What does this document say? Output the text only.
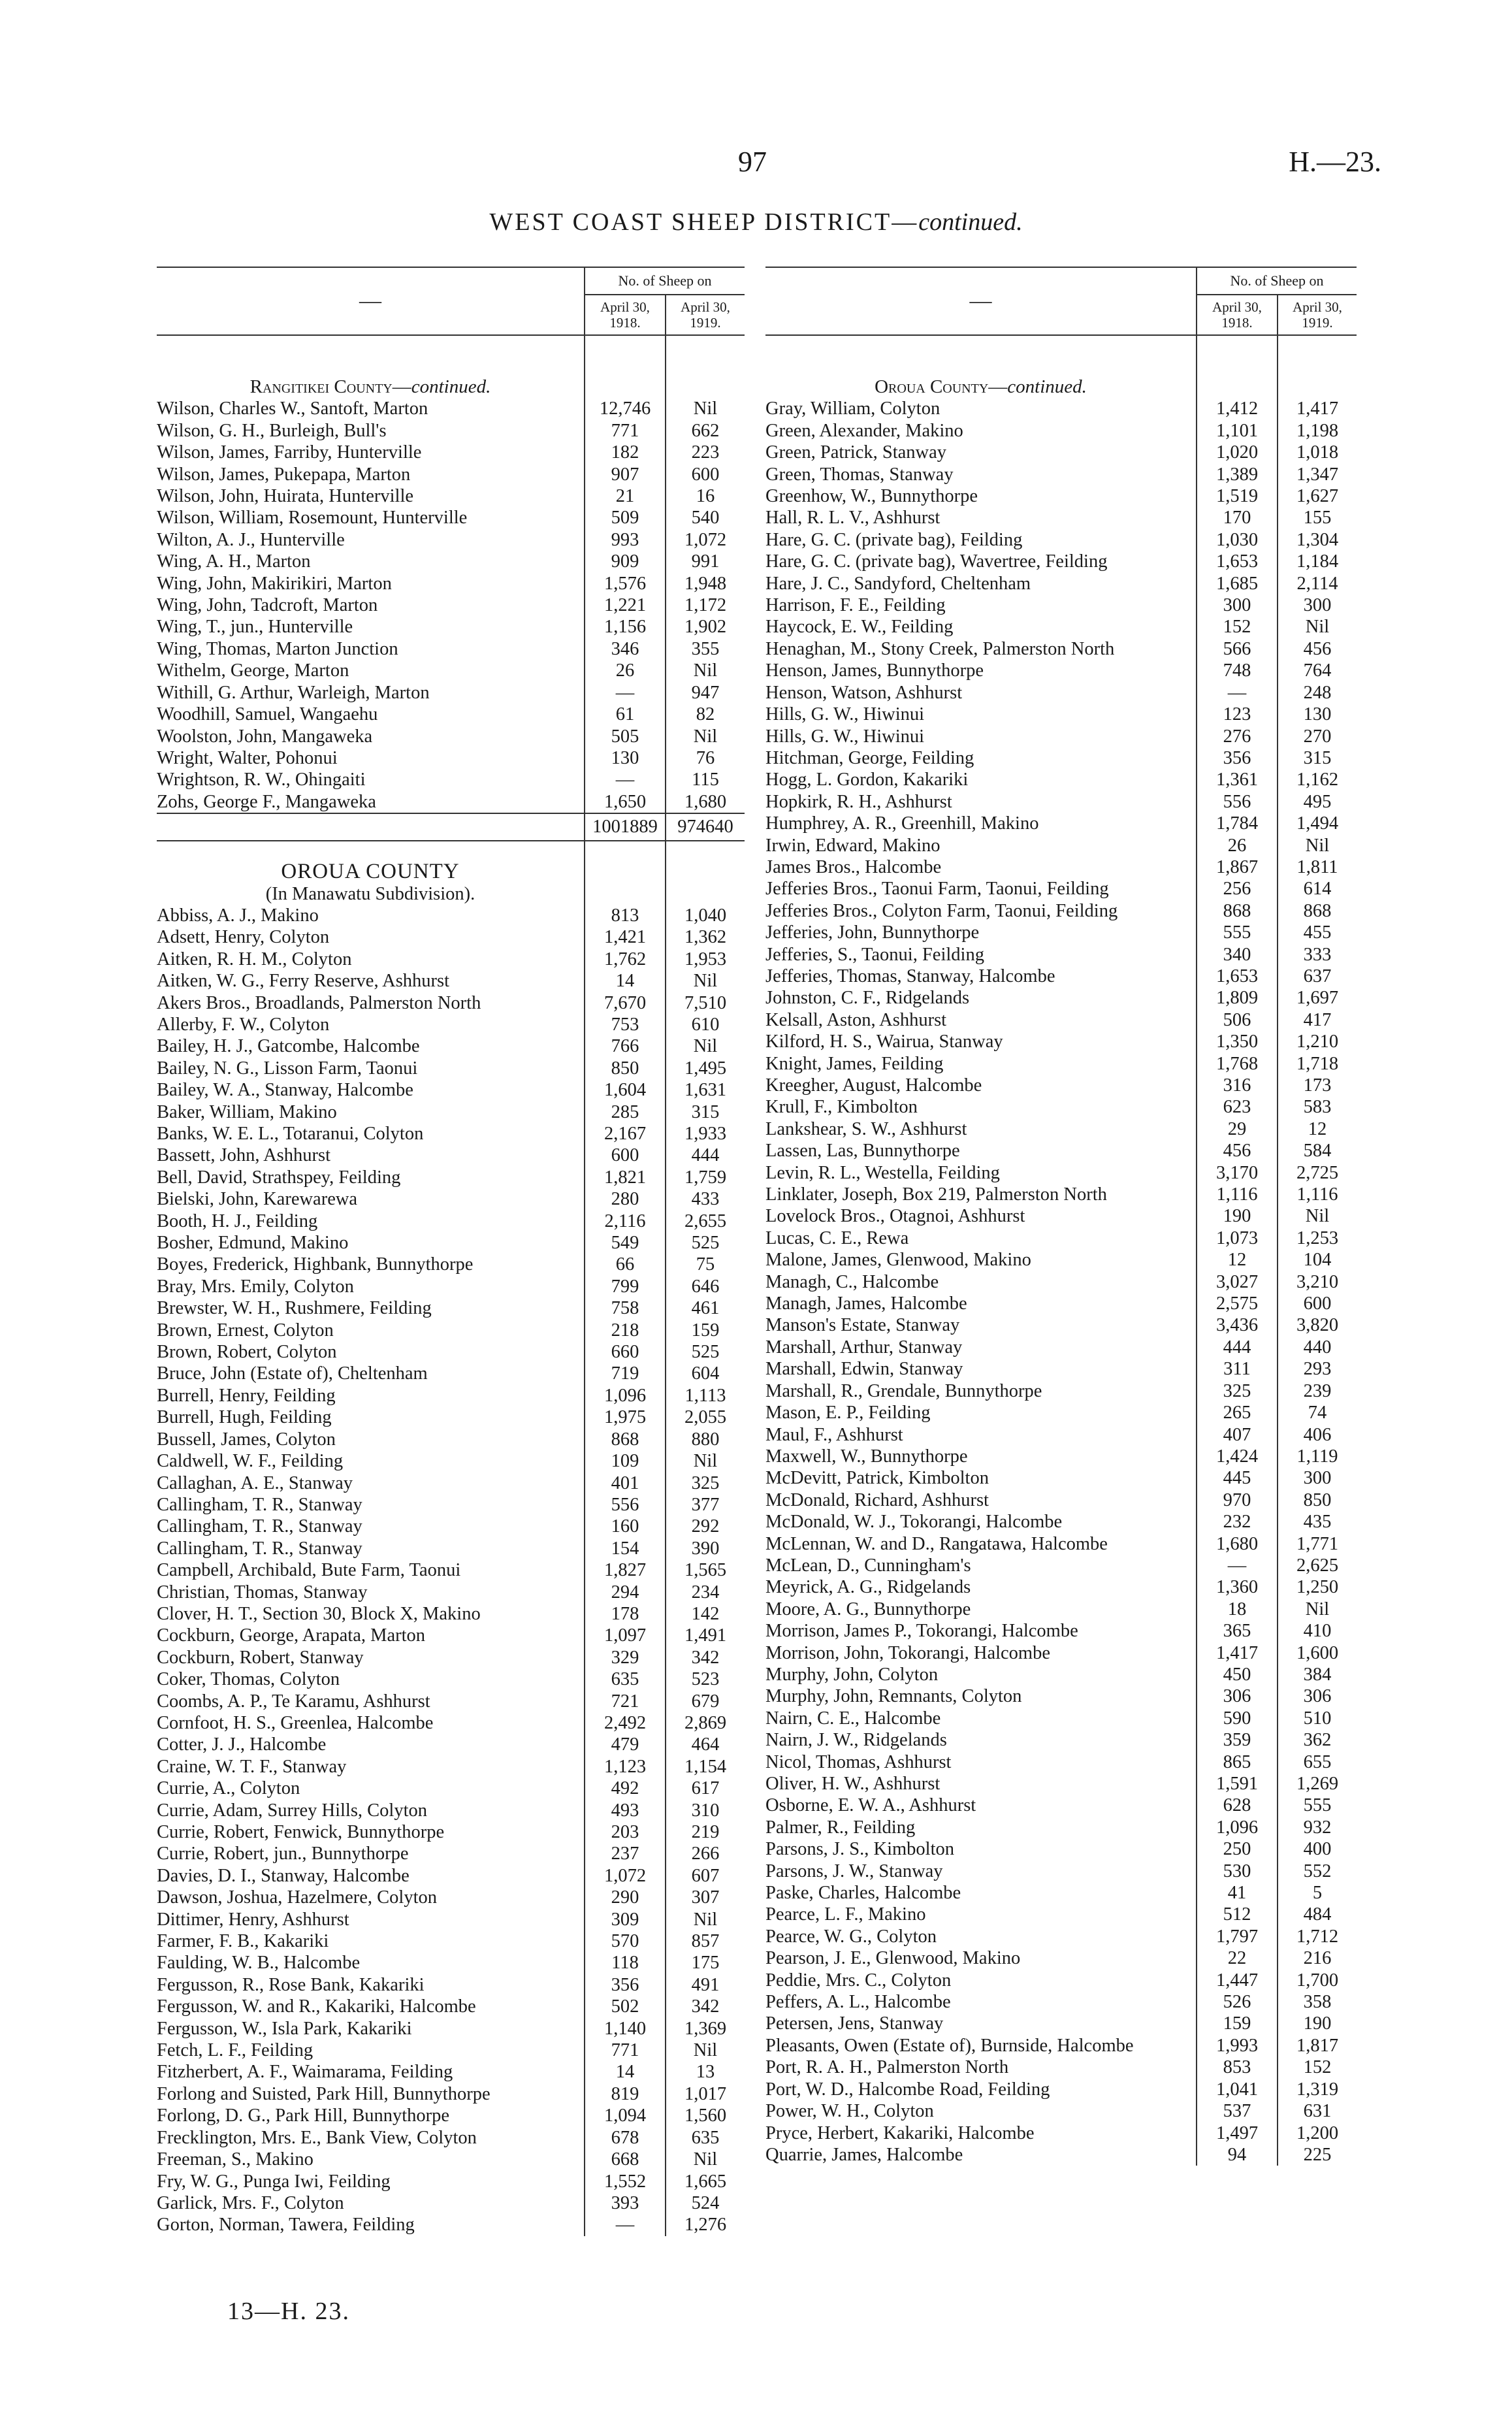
97	H.—23.
WEST COAST SHEEP DISTRICT—continued.
—	No. of Sheep on	
	April 30, 1918.	April 30, 1919.

Rangitikei County—continued.		
Wilson, Charles W., Santoft, Marton	12,746	Nil
Wilson, G. H., Burleigh, Bull's	771	662
Wilson, James, Farriby, Hunterville	182	223
Wilson, James, Pukepapa, Marton	907	600
Wilson, John, Huirata, Hunterville	21	16
Wilson, William, Rosemount, Hunterville	509	540
Wilton, A. J., Hunterville	993	1,072
Wing, A. H., Marton	909	991
Wing, John, Makirikiri, Marton	1,576	1,948
Wing, John, Tadcroft, Marton	1,221	1,172
Wing, T., jun., Hunterville	1,156	1,902
Wing, Thomas, Marton Junction	346	355
Withelm, George, Marton	26	Nil
Withill, G. Arthur, Warleigh, Marton	—	947
Woodhill, Samuel, Wangaehu	61	82
Woolston, John, Mangaweka	505	Nil
Wright, Walter, Pohonui	130	76
Wrightson, R. W., Ohingaiti	—	115
Zohs, George F., Mangaweka	1,650	1,680
	1001889	974640
OROUA COUNTY		
(In Manawatu Subdivision).		
Abbiss, A. J., Makino	813	1,040
Adsett, Henry, Colyton	1,421	1,362
Aitken, R. H. M., Colyton	1,762	1,953
Aitken, W. G., Ferry Reserve, Ashhurst	14	Nil
Akers Bros., Broadlands, Palmerston North	7,670	7,510
Allerby, F. W., Colyton	753	610
Bailey, H. J., Gatcombe, Halcombe	766	Nil
Bailey, N. G., Lisson Farm, Taonui	850	1,495
Bailey, W. A., Stanway, Halcombe	1,604	1,631
Baker, William, Makino	285	315
Banks, W. E. L., Totaranui, Colyton	2,167	1,933
Bassett, John, Ashhurst	600	444
Bell, David, Strathspey, Feilding	1,821	1,759
Bielski, John, Karewarewa	280	433
Booth, H. J., Feilding	2,116	2,655
Bosher, Edmund, Makino	549	525
Boyes, Frederick, Highbank, Bunnythorpe	66	75
Bray, Mrs. Emily, Colyton	799	646
Brewster, W. H., Rushmere, Feilding	758	461
Brown, Ernest, Colyton	218	159
Brown, Robert, Colyton	660	525
Bruce, John (Estate of), Cheltenham	719	604
Burrell, Henry, Feilding	1,096	1,113
Burrell, Hugh, Feilding	1,975	2,055
Bussell, James, Colyton	868	880
Caldwell, W. F., Feilding	109	Nil
Callaghan, A. E., Stanway	401	325
Callingham, T. R., Stanway	556	377
Callingham, T. R., Stanway	160	292
Callingham, T. R., Stanway	154	390
Campbell, Archibald, Bute Farm, Taonui	1,827	1,565
Christian, Thomas, Stanway	294	234
Clover, H. T., Section 30, Block X, Makino	178	142
Cockburn, George, Arapata, Marton	1,097	1,491
Cockburn, Robert, Stanway	329	342
Coker, Thomas, Colyton	635	523
Coombs, A. P., Te Karamu, Ashhurst	721	679
Cornfoot, H. S., Greenlea, Halcombe	2,492	2,869
Cotter, J. J., Halcombe	479	464
Craine, W. T. F., Stanway	1,123	1,154
Currie, A., Colyton	492	617
Currie, Adam, Surrey Hills, Colyton	493	310
Currie, Robert, Fenwick, Bunnythorpe	203	219
Currie, Robert, jun., Bunnythorpe	237	266
Davies, D. I., Stanway, Halcombe	1,072	607
Dawson, Joshua, Hazelmere, Colyton	290	307
Dittimer, Henry, Ashhurst	309	Nil
Farmer, F. B., Kakariki	570	857
Faulding, W. B., Halcombe	118	175
Fergusson, R., Rose Bank, Kakariki	356	491
Fergusson, W. and R., Kakariki, Halcombe	502	342
Fergusson, W., Isla Park, Kakariki	1,140	1,369
Fetch, L. F., Feilding	771	Nil
Fitzherbert, A. F., Waimarama, Feilding	14	13
Forlong and Suisted, Park Hill, Bunnythorpe	819	1,017
Forlong, D. G., Park Hill, Bunnythorpe	1,094	1,560
Frecklington, Mrs. E., Bank View, Colyton	678	635
Freeman, S., Makino	668	Nil
Fry, W. G., Punga Iwi, Feilding	1,552	1,665
Garlick, Mrs. F., Colyton	393	524
Gorton, Norman, Tawera, Feilding	—	1,276
—	No. of Sheep on	
	April 30, 1918.	April 30, 1919.

Oroua County—continued.		
Gray, William, Colyton	1,412	1,417
Green, Alexander, Makino	1,101	1,198
Green, Patrick, Stanway	1,020	1,018
Green, Thomas, Stanway	1,389	1,347
Greenhow, W., Bunnythorpe	1,519	1,627
Hall, R. L. V., Ashhurst	170	155
Hare, G. C. (private bag), Feilding	1,030	1,304
Hare, G. C. (private bag), Wavertree, Feilding	1,653	1,184
Hare, J. C., Sandyford, Cheltenham	1,685	2,114
Harrison, F. E., Feilding	300	300
Haycock, E. W., Feilding	152	Nil
Henaghan, M., Stony Creek, Palmerston North	566	456
Henson, James, Bunnythorpe	748	764
Henson, Watson, Ashhurst	—	248
Hills, G. W., Hiwinui	123	130
Hills, G. W., Hiwinui	276	270
Hitchman, George, Feilding	356	315
Hogg, L. Gordon, Kakariki	1,361	1,162
Hopkirk, R. H., Ashhurst	556	495
Humphrey, A. R., Greenhill, Makino	1,784	1,494
Irwin, Edward, Makino	26	Nil
James Bros., Halcombe	1,867	1,811
Jefferies Bros., Taonui Farm, Taonui, Feilding	256	614
Jefferies Bros., Colyton Farm, Taonui, Feilding	868	868
Jefferies, John, Bunnythorpe	555	455
Jefferies, S., Taonui, Feilding	340	333
Jefferies, Thomas, Stanway, Halcombe	1,653	637
Johnston, C. F., Ridgelands	1,809	1,697
Kelsall, Aston, Ashhurst	506	417
Kilford, H. S., Wairua, Stanway	1,350	1,210
Knight, James, Feilding	1,768	1,718
Kreegher, August, Halcombe	316	173
Krull, F., Kimbolton	623	583
Lankshear, S. W., Ashhurst	29	12
Lassen, Las, Bunnythorpe	456	584
Levin, R. L., Westella, Feilding	3,170	2,725
Linklater, Joseph, Box 219, Palmerston North	1,116	1,116
Lovelock Bros., Otagnoi, Ashhurst	190	Nil
Lucas, C. E., Rewa	1,073	1,253
Malone, James, Glenwood, Makino	12	104
Managh, C., Halcombe	3,027	3,210
Managh, James, Halcombe	2,575	600
Manson's Estate, Stanway	3,436	3,820
Marshall, Arthur, Stanway	444	440
Marshall, Edwin, Stanway	311	293
Marshall, R., Grendale, Bunnythorpe	325	239
Mason, E. P., Feilding	265	74
Maul, F., Ashhurst	407	406
Maxwell, W., Bunnythorpe	1,424	1,119
McDevitt, Patrick, Kimbolton	445	300
McDonald, Richard, Ashhurst	970	850
McDonald, W. J., Tokorangi, Halcombe	232	435
McLennan, W. and D., Rangatawa, Halcombe	1,680	1,771
McLean, D., Cunningham's	—	2,625
Meyrick, A. G., Ridgelands	1,360	1,250
Moore, A. G., Bunnythorpe	18	Nil
Morrison, James P., Tokorangi, Halcombe	365	410
Morrison, John, Tokorangi, Halcombe	1,417	1,600
Murphy, John, Colyton	450	384
Murphy, John, Remnants, Colyton	306	306
Nairn, C. E., Halcombe	590	510
Nairn, J. W., Ridgelands	359	362
Nicol, Thomas, Ashhurst	865	655
Oliver, H. W., Ashhurst	1,591	1,269
Osborne, E. W. A., Ashhurst	628	555
Palmer, R., Feilding	1,096	932
Parsons, J. S., Kimbolton	250	400
Parsons, J. W., Stanway	530	552
Paske, Charles, Halcombe	41	5
Pearce, L. F., Makino	512	484
Pearce, W. G., Colyton	1,797	1,712
Pearson, J. E., Glenwood, Makino	22	216
Peddie, Mrs. C., Colyton	1,447	1,700
Peffers, A. L., Halcombe	526	358
Petersen, Jens, Stanway	159	190
Pleasants, Owen (Estate of), Burnside, Halcombe	1,993	1,817
Port, R. A. H., Palmerston North	853	152
Port, W. D., Halcombe Road, Feilding	1,041	1,319
Power, W. H., Colyton	537	631
Pryce, Herbert, Kakariki, Halcombe	1,497	1,200
Quarrie, James, Halcombe	94	225
13—H. 23.
